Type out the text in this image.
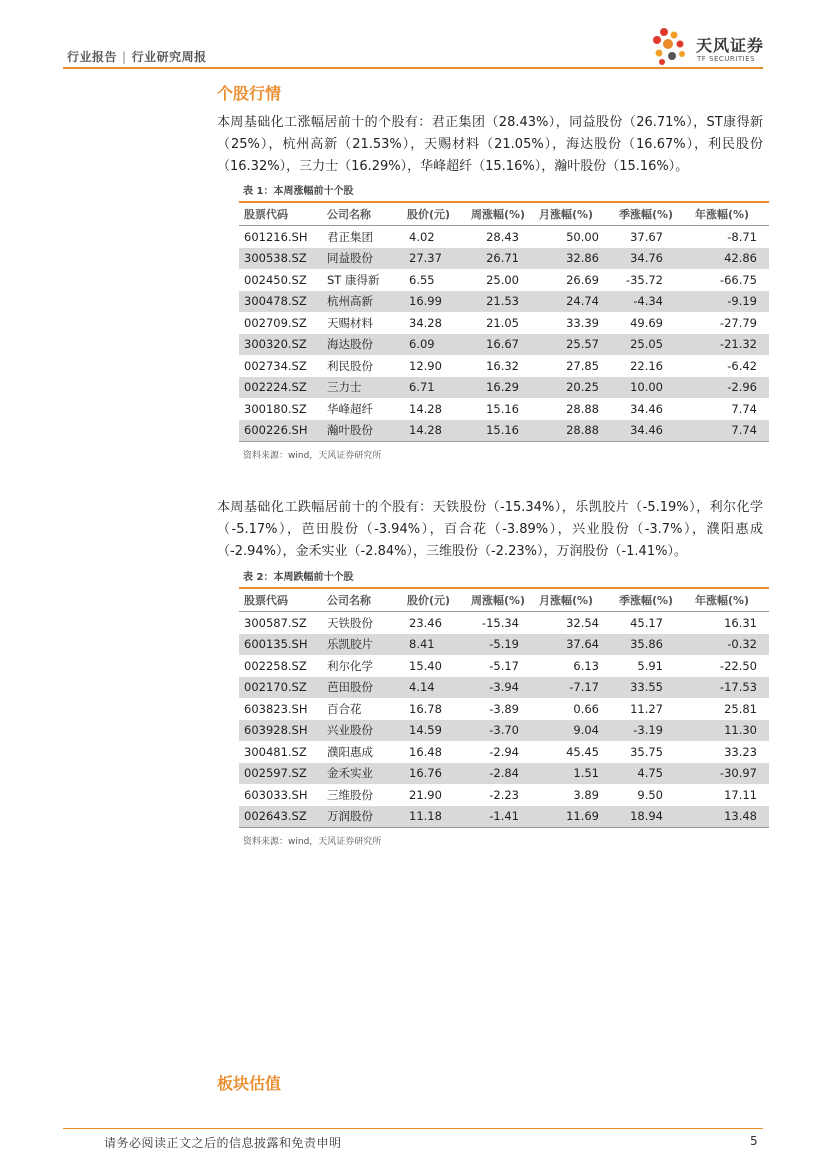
行业报告 | 行业研究周报
天风证券
TF SECURITIES
个股行情
本周基础化工涨幅居前十的个股有：君正集团（28.43%），同益股份（26.71%），ST康得新（25%），杭州高新（21.53%），天赐材料（21.05%），海达股份（16.67%），利民股份（16.32%），三力士（16.29%），华峰超纤（15.16%），瀚叶股份（15.16%）。
表 1：本周涨幅前十个股
股票代码	公司名称	股价(元)	周涨幅(%)	月涨幅(%)	季涨幅(%)	年涨幅(%)
601216.SH	君正集团	4.02	28.43	50.00	37.67	-8.71
300538.SZ	同益股份	27.37	26.71	32.86	34.76	42.86
002450.SZ	ST 康得新	6.55	25.00	26.69	-35.72	-66.75
300478.SZ	杭州高新	16.99	21.53	24.74	-4.34	-9.19
002709.SZ	天赐材料	34.28	21.05	33.39	49.69	-27.79
300320.SZ	海达股份	6.09	16.67	25.57	25.05	-21.32
002734.SZ	利民股份	12.90	16.32	27.85	22.16	-6.42
002224.SZ	三力士	6.71	16.29	20.25	10.00	-2.96
300180.SZ	华峰超纤	14.28	15.16	28.88	34.46	7.74
600226.SH	瀚叶股份	14.28	15.16	28.88	34.46	7.74
资料来源：wind，天风证券研究所
本周基础化工跌幅居前十的个股有：天铁股份（-15.34%），乐凯胶片（-5.19%），利尔化学（-5.17%），芭田股份（-3.94%），百合花（-3.89%），兴业股份（-3.7%），濮阳惠成（-2.94%），金禾实业（-2.84%），三维股份（-2.23%），万润股份（-1.41%）。
表 2：本周跌幅前十个股
股票代码	公司名称	股价(元)	周涨幅(%)	月涨幅(%)	季涨幅(%)	年涨幅(%)
300587.SZ	天铁股份	23.46	-15.34	32.54	45.17	16.31
600135.SH	乐凯胶片	8.41	-5.19	37.64	35.86	-0.32
002258.SZ	利尔化学	15.40	-5.17	6.13	5.91	-22.50
002170.SZ	芭田股份	4.14	-3.94	-7.17	33.55	-17.53
603823.SH	百合花	16.78	-3.89	0.66	11.27	25.81
603928.SH	兴业股份	14.59	-3.70	9.04	-3.19	11.30
300481.SZ	濮阳惠成	16.48	-2.94	45.45	35.75	33.23
002597.SZ	金禾实业	16.76	-2.84	1.51	4.75	-30.97
603033.SH	三维股份	21.90	-2.23	3.89	9.50	17.11
002643.SZ	万润股份	11.18	-1.41	11.69	18.94	13.48
资料来源：wind，天风证券研究所
板块估值
请务必阅读正文之后的信息披露和免责申明	5
